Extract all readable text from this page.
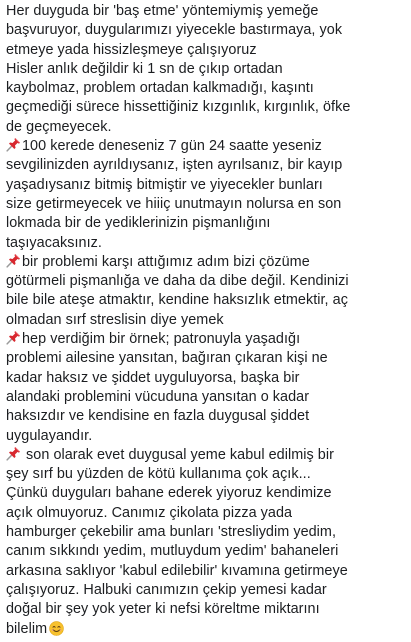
Her duyguda bir 'baş etme' yöntemiymiş yemeğe
başvuruyor, duygularımızı yiyecekle bastırmaya, yok
etmeye yada hissizleşmeye çalışıyoruz
Hisler anlık değildir ki 1 sn de çıkıp ortadan
kaybolmaz, problem ortadan kalkmadığı, kaşıntı
geçmediği sürece hissettiğiniz kızgınlık, kırgınlık, öfke
de geçmeyecek.
100 kerede deneseniz 7 gün 24 saatte yeseniz
sevgilinizden ayrıldıysanız, işten ayrılsanız, bir kayıp
yaşadıysanız bitmiş bitmiştir ve yiyecekler bunları
size getirmeyecek ve hiiiç unutmayın nolursa en son
lokmada bir de yediklerinizin pişmanlığını
taşıyacaksınız.
bir problemi karşı attığımız adım bizi çözüme
götürmeli pişmanlığa ve daha da dibe değil. Kendinizi
bile bile ateşe atmaktır, kendine haksızlık etmektir, aç
olmadan sırf streslisin diye yemek
hep verdiğim bir örnek; patronuyla yaşadığı
problemi ailesine yansıtan, bağıran çıkaran kişi ne
kadar haksız ve şiddet uyguluyorsa, başka bir
alandaki problemini vücuduna yansıtan o kadar
haksızdır ve kendisine en fazla duygusal şiddet
uygulayandır.
son olarak evet duygusal yeme kabul edilmiş bir
şey sırf bu yüzden de kötü kullanıma çok açık...
Çünkü duyguları bahane ederek yiyoruz kendimize
açık olmuyoruz. Canımız çikolata pizza yada
hamburger çekebilir ama bunları 'stresliydim yedim,
canım sıkkındı yedim, mutluydum yedim' bahaneleri
arkasına saklıyor 'kabul edilebilir' kıvamına getirmeye
çalışıyoruz. Halbuki canımızın çekip yemesi kadar
doğal bir şey yok yeter ki nefsi köreltme miktarını
bilelim
